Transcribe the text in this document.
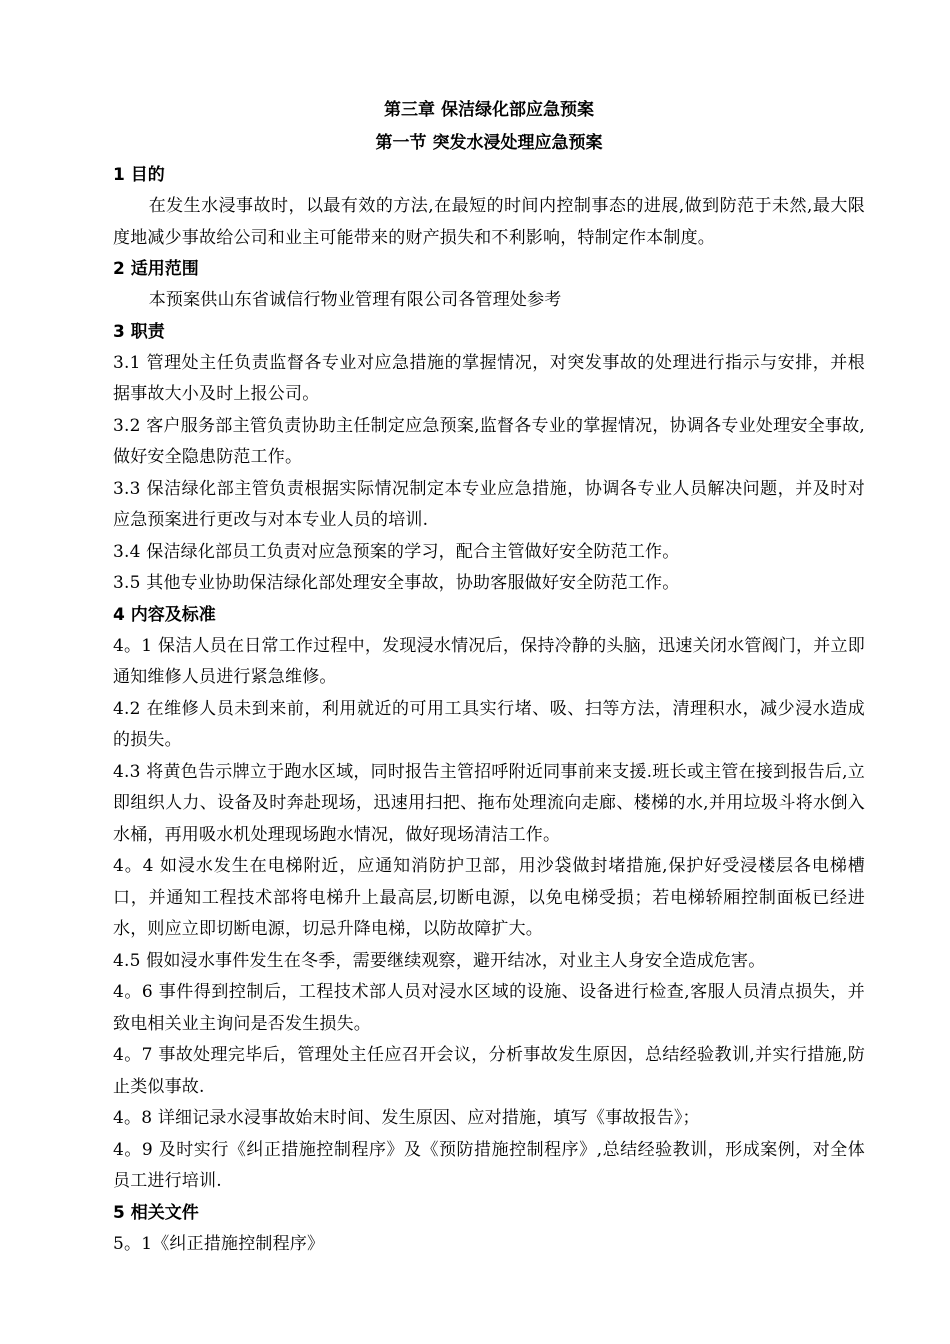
第三章 保洁绿化部应急预案
第一节 突发水浸处理应急预案
1 目的

在发生水浸事故时，以最有效的方法,在最短的时间内控制事态的进展,做到防范于未然,最大限度地减少事故给公司和业主可能带来的财产损失和不利影响，特制定作本制度。

2 适用范围

本预案供山东省诚信行物业管理有限公司各管理处参考

3 职责

3.1 管理处主任负责监督各专业对应急措施的掌握情况，对突发事故的处理进行指示与安排，并根据事故大小及时上报公司。

3.2 客户服务部主管负责协助主任制定应急预案,监督各专业的掌握情况，协调各专业处理安全事故,做好安全隐患防范工作。

3.3 保洁绿化部主管负责根据实际情况制定本专业应急措施，协调各专业人员解决问题，并及时对应急预案进行更改与对本专业人员的培训.

3.4 保洁绿化部员工负责对应急预案的学习，配合主管做好安全防范工作。

3.5 其他专业协助保洁绿化部处理安全事故，协助客服做好安全防范工作。

4 内容及标准

4。1 保洁人员在日常工作过程中，发现浸水情况后，保持冷静的头脑，迅速关闭水管阀门，并立即通知维修人员进行紧急维修。

4.2 在维修人员未到来前，利用就近的可用工具实行堵、吸、扫等方法，清理积水，减少浸水造成的损失。

4.3 将黄色告示牌立于跑水区域，同时报告主管招呼附近同事前来支援.班长或主管在接到报告后,立即组织人力、设备及时奔赴现场，迅速用扫把、拖布处理流向走廊、楼梯的水,并用垃圾斗将水倒入水桶，再用吸水机处理现场跑水情况，做好现场清洁工作。

4。4 如浸水发生在电梯附近，应通知消防护卫部，用沙袋做封堵措施,保护好受浸楼层各电梯槽口，并通知工程技术部将电梯升上最高层,切断电源，以免电梯受损；若电梯轿厢控制面板已经进水，则应立即切断电源，切忌升降电梯，以防故障扩大。

4.5 假如浸水事件发生在冬季，需要继续观察，避开结冰，对业主人身安全造成危害。

4。6 事件得到控制后，工程技术部人员对浸水区域的设施、设备进行检查,客服人员清点损失，并致电相关业主询问是否发生损失。

4。7 事故处理完毕后，管理处主任应召开会议，分析事故发生原因，总结经验教训,并实行措施,防止类似事故.

4。8 详细记录水浸事故始末时间、发生原因、应对措施，填写《事故报告》；

4。9 及时实行《纠正措施控制程序》及《预防措施控制程序》,总结经验教训，形成案例，对全体员工进行培训.

5 相关文件

5。1《纠正措施控制程序》
